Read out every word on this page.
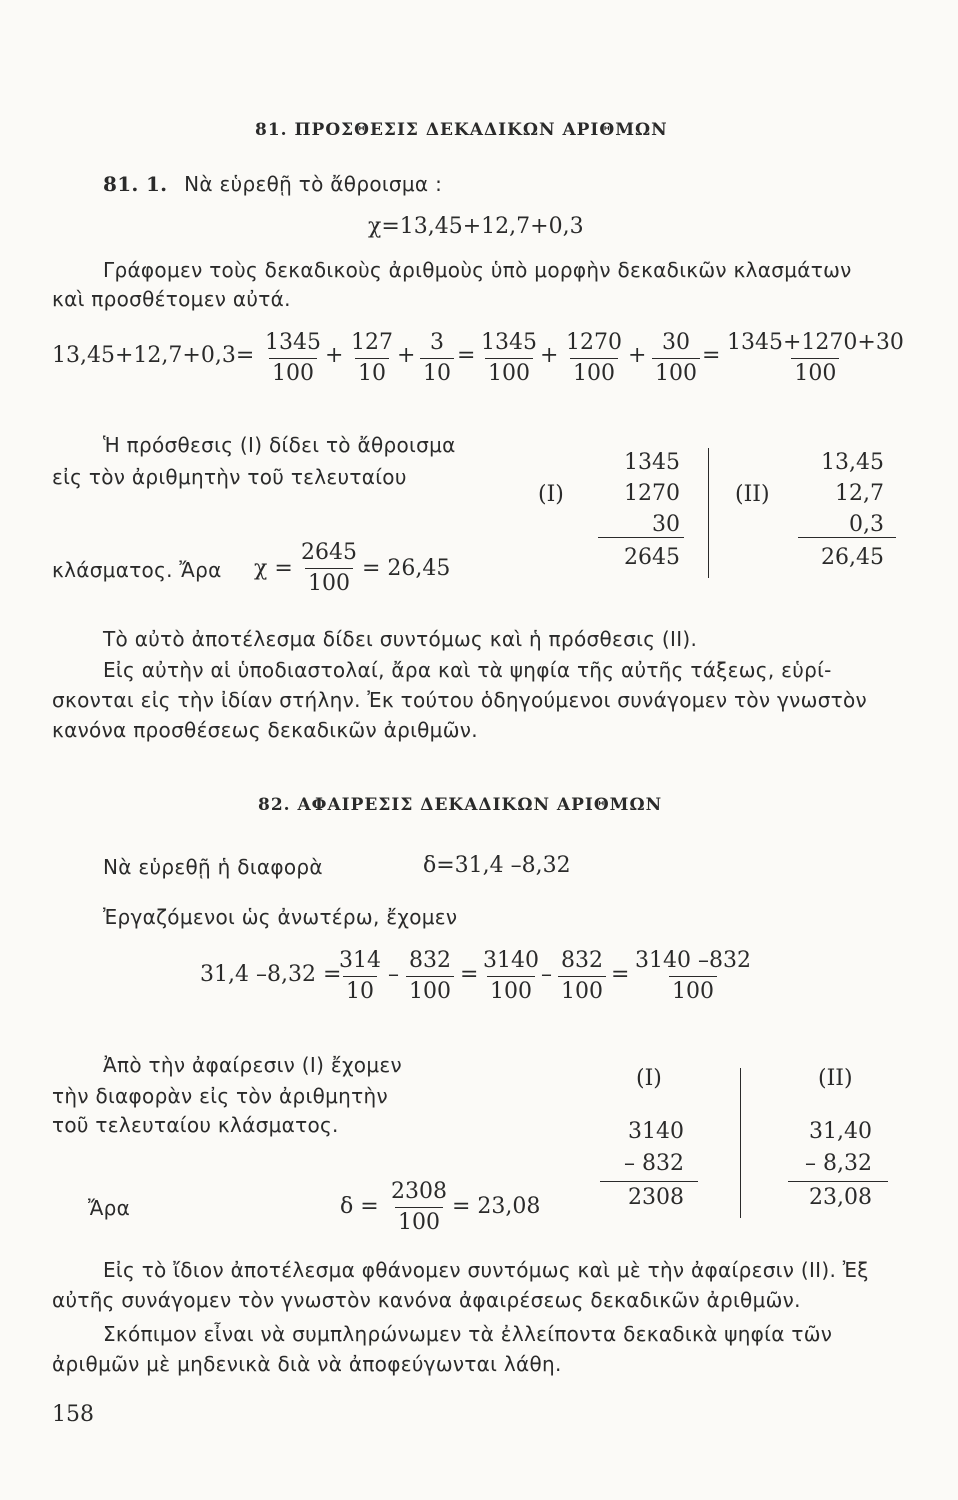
81. ΠΡΟΣΘΕΣΙΣ ΔΕΚΑΔΙΚΩΝ ΑΡΙΘΜΩΝ
81. 1. Νὰ εὑρεθῇ τὸ ἄθροισμα :
χ=13,45+12,7+0,3
Γράφομεν τοὺς δεκαδικοὺς ἀριθμοὺς ὑπὸ μορφὴν δεκαδικῶν κλασμάτων
καὶ προσθέτομεν αὐτά.
$13,45+12,7+0,3= \frac{1345}{100} + \frac{127}{10} + \frac{3}{10} = \frac{1345}{100} + \frac{1270}{100} + \frac{30}{100} = \frac{1345+1270+30}{100}$
Ἡ πρόσθεσις (I) δίδει τὸ ἄθροισμα
εἰς τὸν ἀριθμητὴν τοῦ τελευταίου
κλάσματος. Ἄρα $\chi = \frac{2645}{100} = 26,45$
(I)
1345
1270
30
2645
(II)
13,45
12,7
0,3
26,45
Τὸ αὐτὸ ἀποτέλεσμα δίδει συντόμως καὶ ἡ πρόσθεσις (II).
Εἰς αὐτὴν αἱ ὑποδιαστολαί, ἄρα καὶ τὰ ψηφία τῆς αὐτῆς τάξεως, εὑρί-
σκονται εἰς τὴν ἰδίαν στήλην. Ἐκ τούτου ὁδηγούμενοι συνάγομεν τὸν γνωστὸν
κανόνα προσθέσεως δεκαδικῶν ἀριθμῶν.
82. ΑΦΑΙΡΕΣΙΣ ΔΕΚΑΔΙΚΩΝ ΑΡΙΘΜΩΝ
Νὰ εὑρεθῇ ἡ διαφορὰ	δ=31,4 –8,32
Ἐργαζόμενοι ὡς ἀνωτέρω, ἔχομεν
31,4 –8,32 =
$\frac{314}{10} - \frac{832}{100} = \frac{3140}{100} - \frac{832}{100} = \frac{3140 -832}{100}$
Ἀπὸ τὴν ἀφαίρεσιν (I) ἔχομεν
τὴν διαφορὰν εἰς τὸν ἀριθμητὴν
τοῦ τελευταίου κλάσματος.
Ἄρα	$\delta = \frac{2308}{100} = 23,08$
(I)
3140
– 832
2308
(II)
31,40
– 8,32
23,08
Εἰς τὸ ἴδιον ἀποτέλεσμα φθάνομεν συντόμως καὶ μὲ τὴν ἀφαίρεσιν (II). Ἐξ
αὐτῆς συνάγομεν τὸν γνωστὸν κανόνα ἀφαιρέσεως δεκαδικῶν ἀριθμῶν.
Σκόπιμον εἶναι νὰ συμπληρώνωμεν τὰ ἐλλείποντα δεκαδικὰ ψηφία τῶν
ἀριθμῶν μὲ μηδενικὰ διὰ νὰ ἀποφεύγωνται λάθη.
158
